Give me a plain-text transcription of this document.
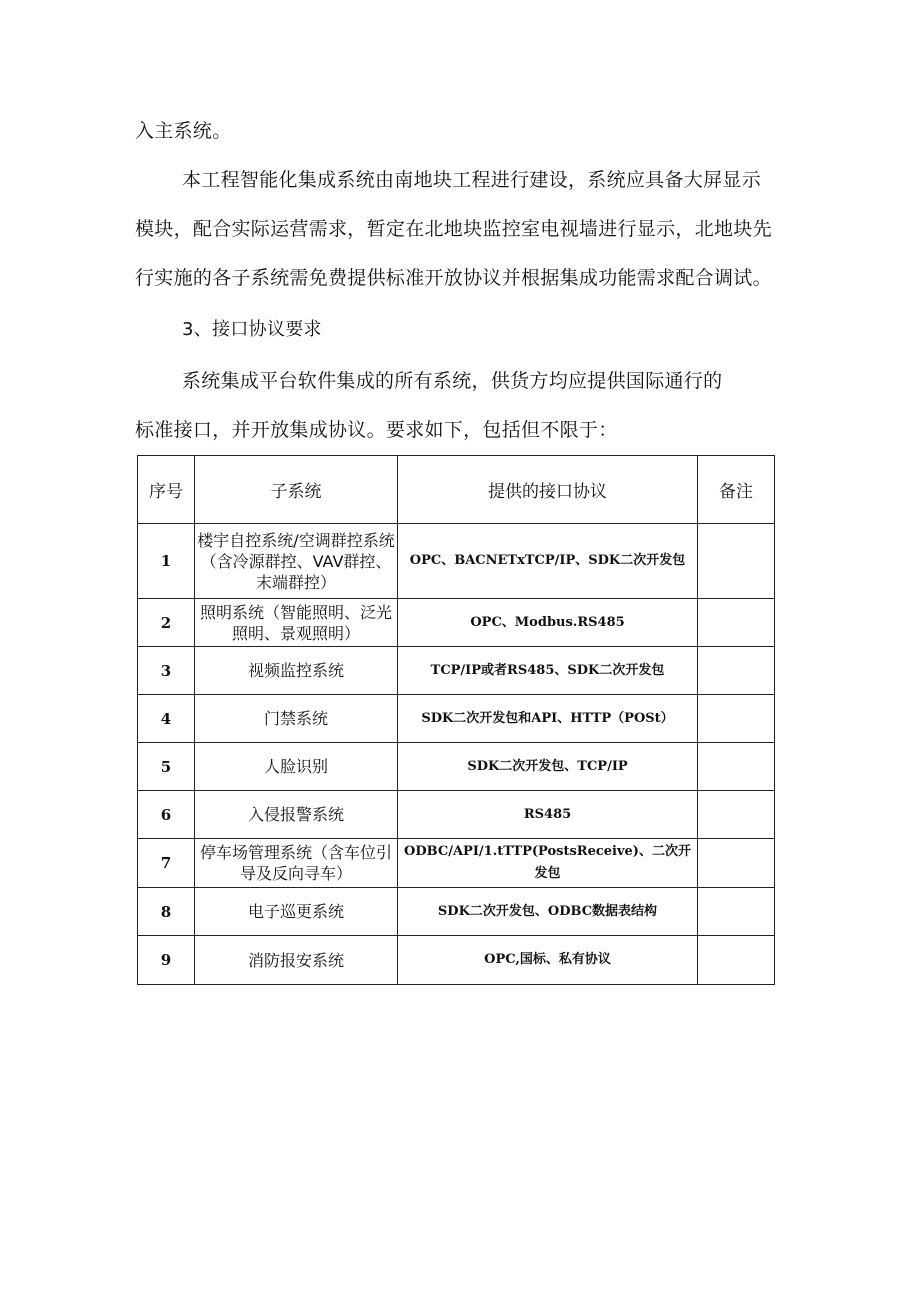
入主系统。
本工程智能化集成系统由南地块工程进行建设，系统应具备大屏显示
模块，配合实际运营需求，暂定在北地块监控室电视墙进行显示，北地块先
行实施的各子系统需免费提供标准开放协议并根据集成功能需求配合调试。
3、接口协议要求
系统集成平台软件集成的所有系统，供货方均应提供国际通行的
标准接口，并开放集成协议。要求如下，包括但不限于：
序号	子系统	提供的接口协议	备注
1	楼宇自控系统/空调群控系统（含冷源群控、VAV群控、末端群控）	OPC、BACNETxTCP/IP、SDK二次开发包	
2	照明系统（智能照明、泛光照明、景观照明）	OPC、Modbus.RS485	
3	视频监控系统	TCP/IP或者RS485、SDK二次开发包	
4	门禁系统	SDK二次开发包和API、HTTP（POSt）	
5	人脸识别	SDK二次开发包、TCP/IP	
6	入侵报警系统	RS485	
7	停车场管理系统（含车位引导及反向寻车）	ODBC/API/1.tTTP(PostsReceive)、二次开发包	

8	电子巡更系统	SDK二次开发包、ODBC数据表结构	
9	消防报安系统	OPC,国标、私有协议	
